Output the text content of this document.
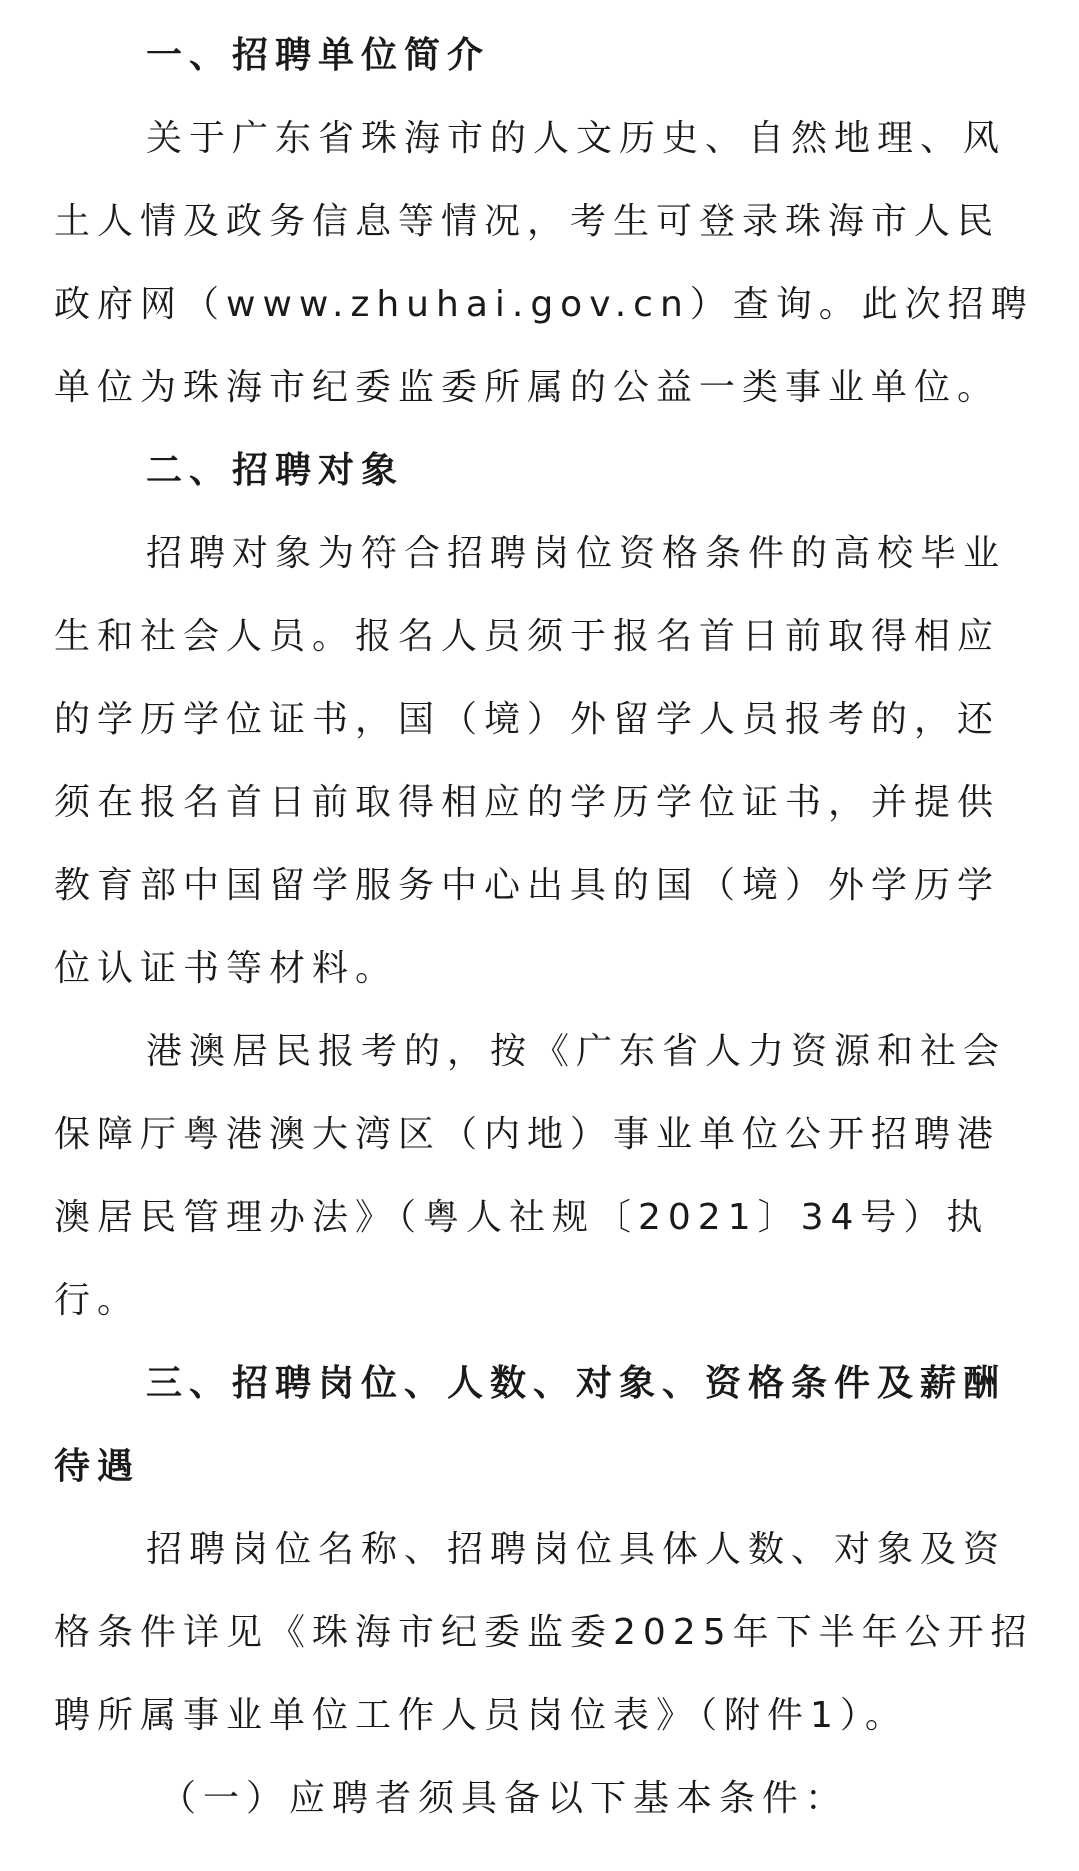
一、招聘单位简介
关于广东省珠海市的人文历史、自然地理、风
土人情及政务信息等情况，考生可登录珠海市人民
政府网（www.zhuhai.gov.cn）查询。此次招聘
单位为珠海市纪委监委所属的公益一类事业单位。
二、招聘对象
招聘对象为符合招聘岗位资格条件的高校毕业
生和社会人员。报名人员须于报名首日前取得相应
的学历学位证书，国（境）外留学人员报考的，还
须在报名首日前取得相应的学历学位证书，并提供
教育部中国留学服务中心出具的国（境）外学历学
位认证书等材料。
港澳居民报考的，按《广东省人力资源和社会
保障厅粤港澳大湾区（内地）事业单位公开招聘港
澳居民管理办法》（粤人社规〔2021〕34号）执
行。
三、招聘岗位、人数、对象、资格条件及薪酬
待遇
招聘岗位名称、招聘岗位具体人数、对象及资
格条件详见《珠海市纪委监委2025年下半年公开招
聘所属事业单位工作人员岗位表》（附件1）。
（一）应聘者须具备以下基本条件：
